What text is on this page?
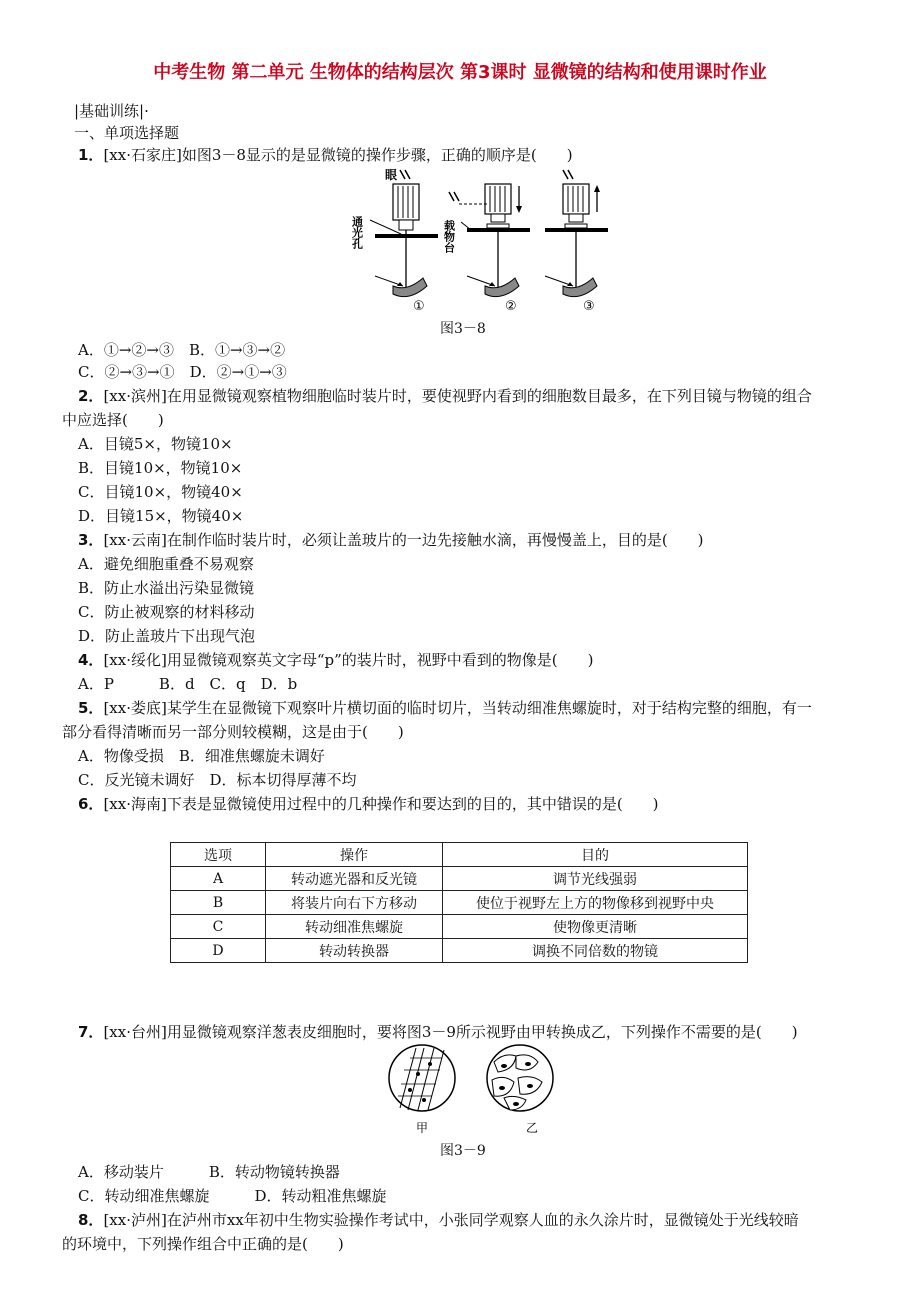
中考生物 第二单元 生物体的结构层次 第3课时 显微镜的结构和使用课时作业
|基础训练|·
一、单项选择题
1．[xx·石家庄]如图3－8显示的是显微镜的操作步骤，正确的顺序是(　　)
眼
通光孔
①
载物台
②	③
图3－8
A．①→②→③　B．①→③→②
C．②→③→①　D．②→①→③
2．[xx·滨州]在用显微镜观察植物细胞临时装片时，要使视野内看到的细胞数目最多，在下列目镜与物镜的组合
中应选择(　　)
A．目镜5×，物镜10×
B．目镜10×，物镜10×
C．目镜10×，物镜40×
D．目镜15×，物镜40×
3．[xx·云南]在制作临时装片时，必须让盖玻片的一边先接触水滴，再慢慢盖上，目的是(　　)
A．避免细胞重叠不易观察
B．防止水溢出污染显微镜
C．防止被观察的材料移动
D．防止盖玻片下出现气泡
4．[xx·绥化]用显微镜观察英文字母“p”的装片时，视野中看到的物像是(　　)
A．P　　　B．d　C．q　D．b
5．[xx·娄底]某学生在显微镜下观察叶片横切面的临时切片，当转动细准焦螺旋时，对于结构完整的细胞，有一
部分看得清晰而另一部分则较模糊，这是由于(　　)
A．物像受损　B．细准焦螺旋未调好
C．反光镜未调好　D．标本切得厚薄不均
6．[xx·海南]下表是显微镜使用过程中的几种操作和要达到的目的，其中错误的是(　　)
选项	操作	目的
A	转动遮光器和反光镜	调节光线强弱
B	将装片向右下方移动	使位于视野左上方的物像移到视野中央
C	转动细准焦螺旋	使物像更清晰
D	转动转换器	调换不同倍数的物镜
7．[xx·台州]用显微镜观察洋葱表皮细胞时，要将图3－9所示视野由甲转换成乙，下列操作不需要的是(　　)
甲	乙
图3－9
A．移动装片　　　B．转动物镜转换器
C．转动细准焦螺旋　　　D．转动粗准焦螺旋
8．[xx·泸州]在泸州市xx年初中生物实验操作考试中，小张同学观察人血的永久涂片时，显微镜处于光线较暗
的环境中，下列操作组合中正确的是(　　)
